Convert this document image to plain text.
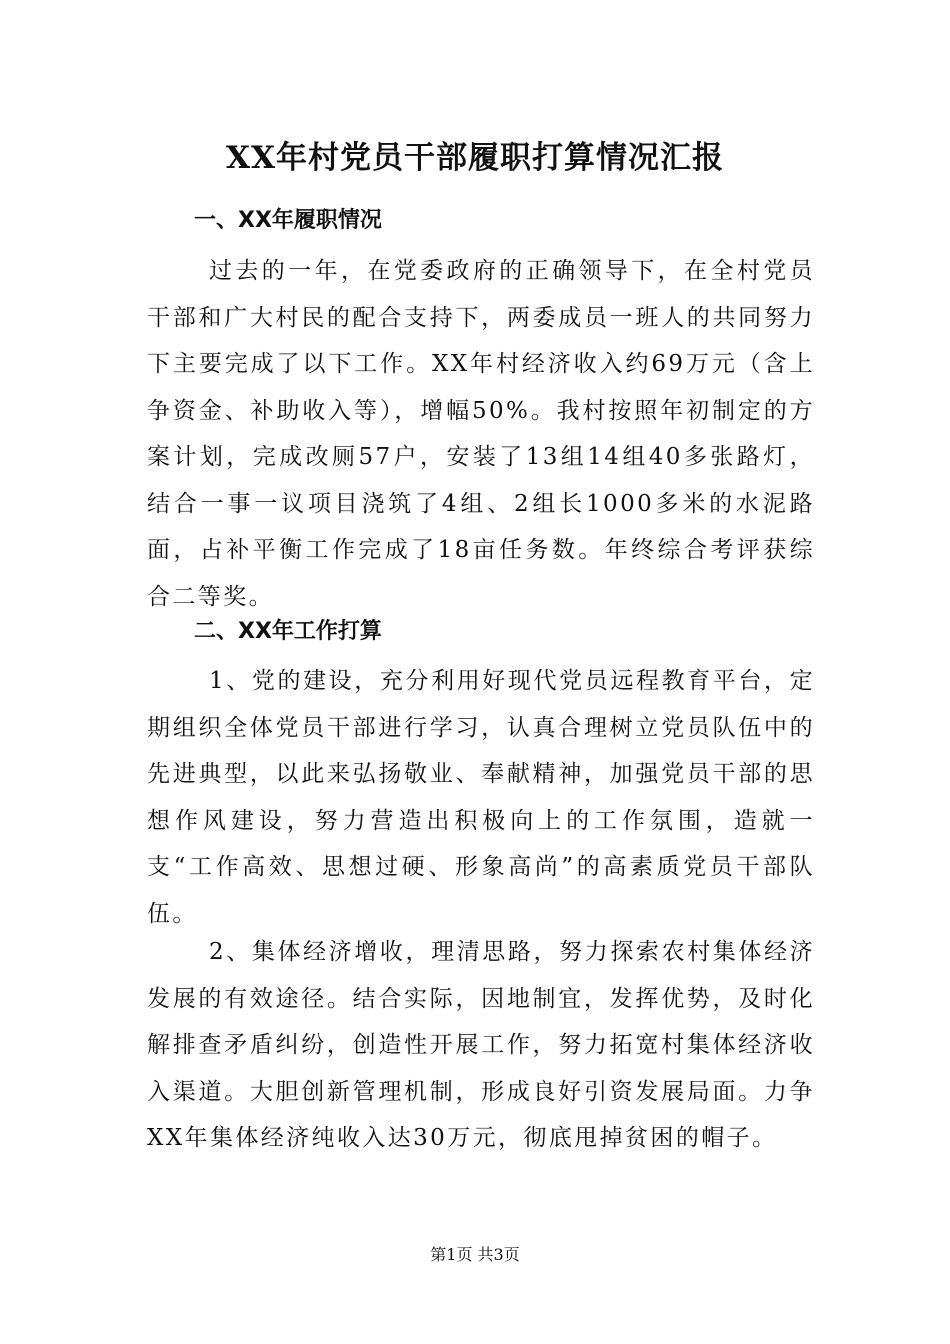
XX年村党员干部履职打算情况汇报
一、XX年履职情况

过去的一年，在党委政府的正确领导下，在全村党员干部和广大村民的配合支持下，两委成员一班人的共同努力下主要完成了以下工作。XX年村经济收入约69万元（含上争资金、补助收入等），增幅50%。我村按照年初制定的方案计划，完成改厕57户，安装了13组14组40多张路灯，结合一事一议项目浇筑了4组、2组长1000多米的水泥路面，占补平衡工作完成了18亩任务数。年终综合考评获综合二等奖。

二、XX年工作打算

1、党的建设，充分利用好现代党员远程教育平台，定期组织全体党员干部进行学习，认真合理树立党员队伍中的先进典型，以此来弘扬敬业、奉献精神，加强党员干部的思想作风建设，努力营造出积极向上的工作氛围，造就一支“工作高效、思想过硬、形象高尚”的高素质党员干部队伍。

2、集体经济增收，理清思路，努力探索农村集体经济发展的有效途径。结合实际，因地制宜，发挥优势，及时化解排查矛盾纠纷，创造性开展工作，努力拓宽村集体经济收入渠道。大胆创新管理机制，形成良好引资发展局面。力争XX年集体经济纯收入达30万元，彻底甩掉贫困的帽子。

第1页 共3页
